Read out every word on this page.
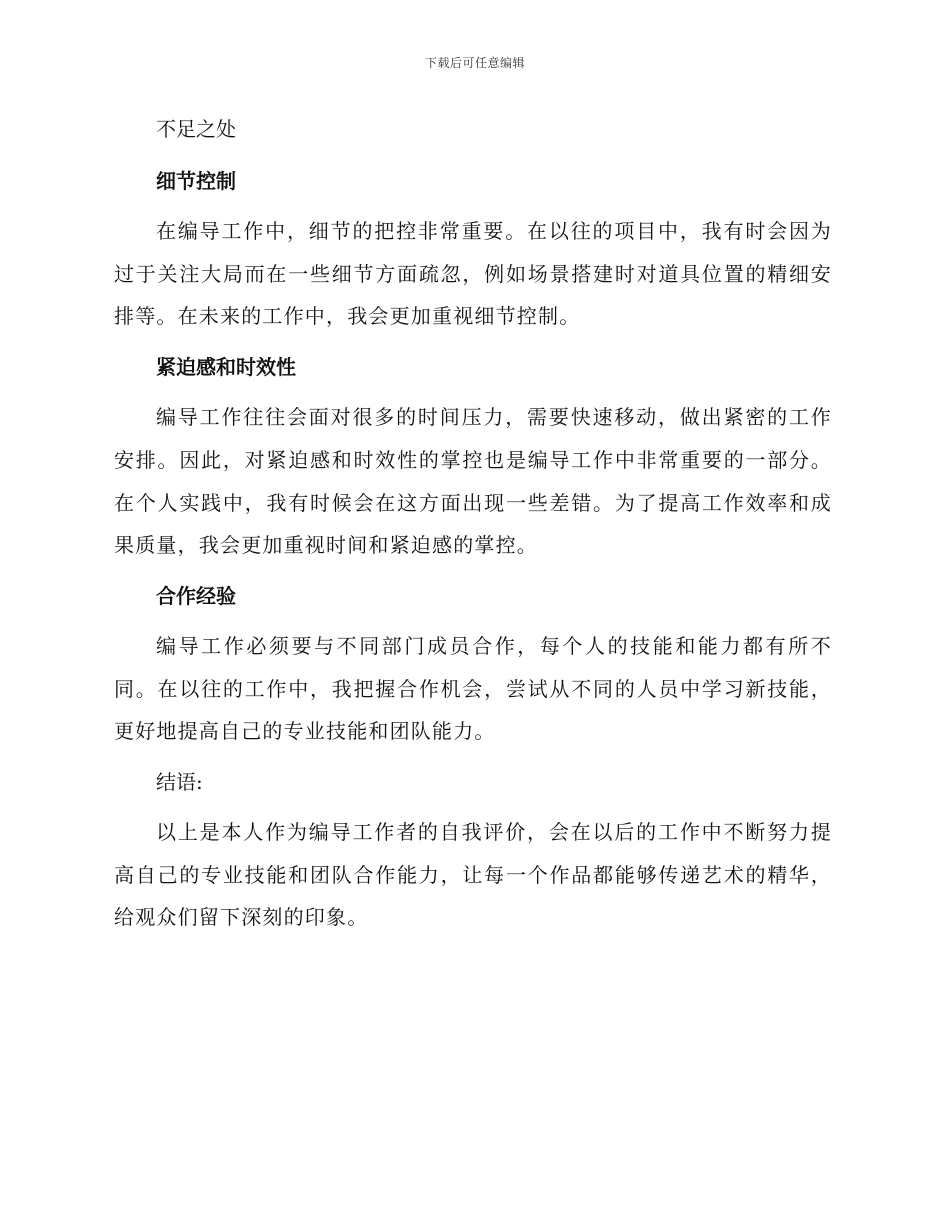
下载后可任意编辑

不足之处

细节控制

在编导工作中，细节的把控非常重要。在以往的项目中，我有时会因为过于关注大局而在一些细节方面疏忽，例如场景搭建时对道具位置的精细安排等。在未来的工作中，我会更加重视细节控制。

紧迫感和时效性

编导工作往往会面对很多的时间压力，需要快速移动，做出紧密的工作安排。因此，对紧迫感和时效性的掌控也是编导工作中非常重要的一部分。在个人实践中，我有时候会在这方面出现一些差错。为了提高工作效率和成果质量，我会更加重视时间和紧迫感的掌控。

合作经验

编导工作必须要与不同部门成员合作，每个人的技能和能力都有所不同。在以往的工作中，我把握合作机会，尝试从不同的人员中学习新技能，更好地提高自己的专业技能和团队能力。

结语:

以上是本人作为编导工作者的自我评价，会在以后的工作中不断努力提高自己的专业技能和团队合作能力，让每一个作品都能够传递艺术的精华，给观众们留下深刻的印象。
